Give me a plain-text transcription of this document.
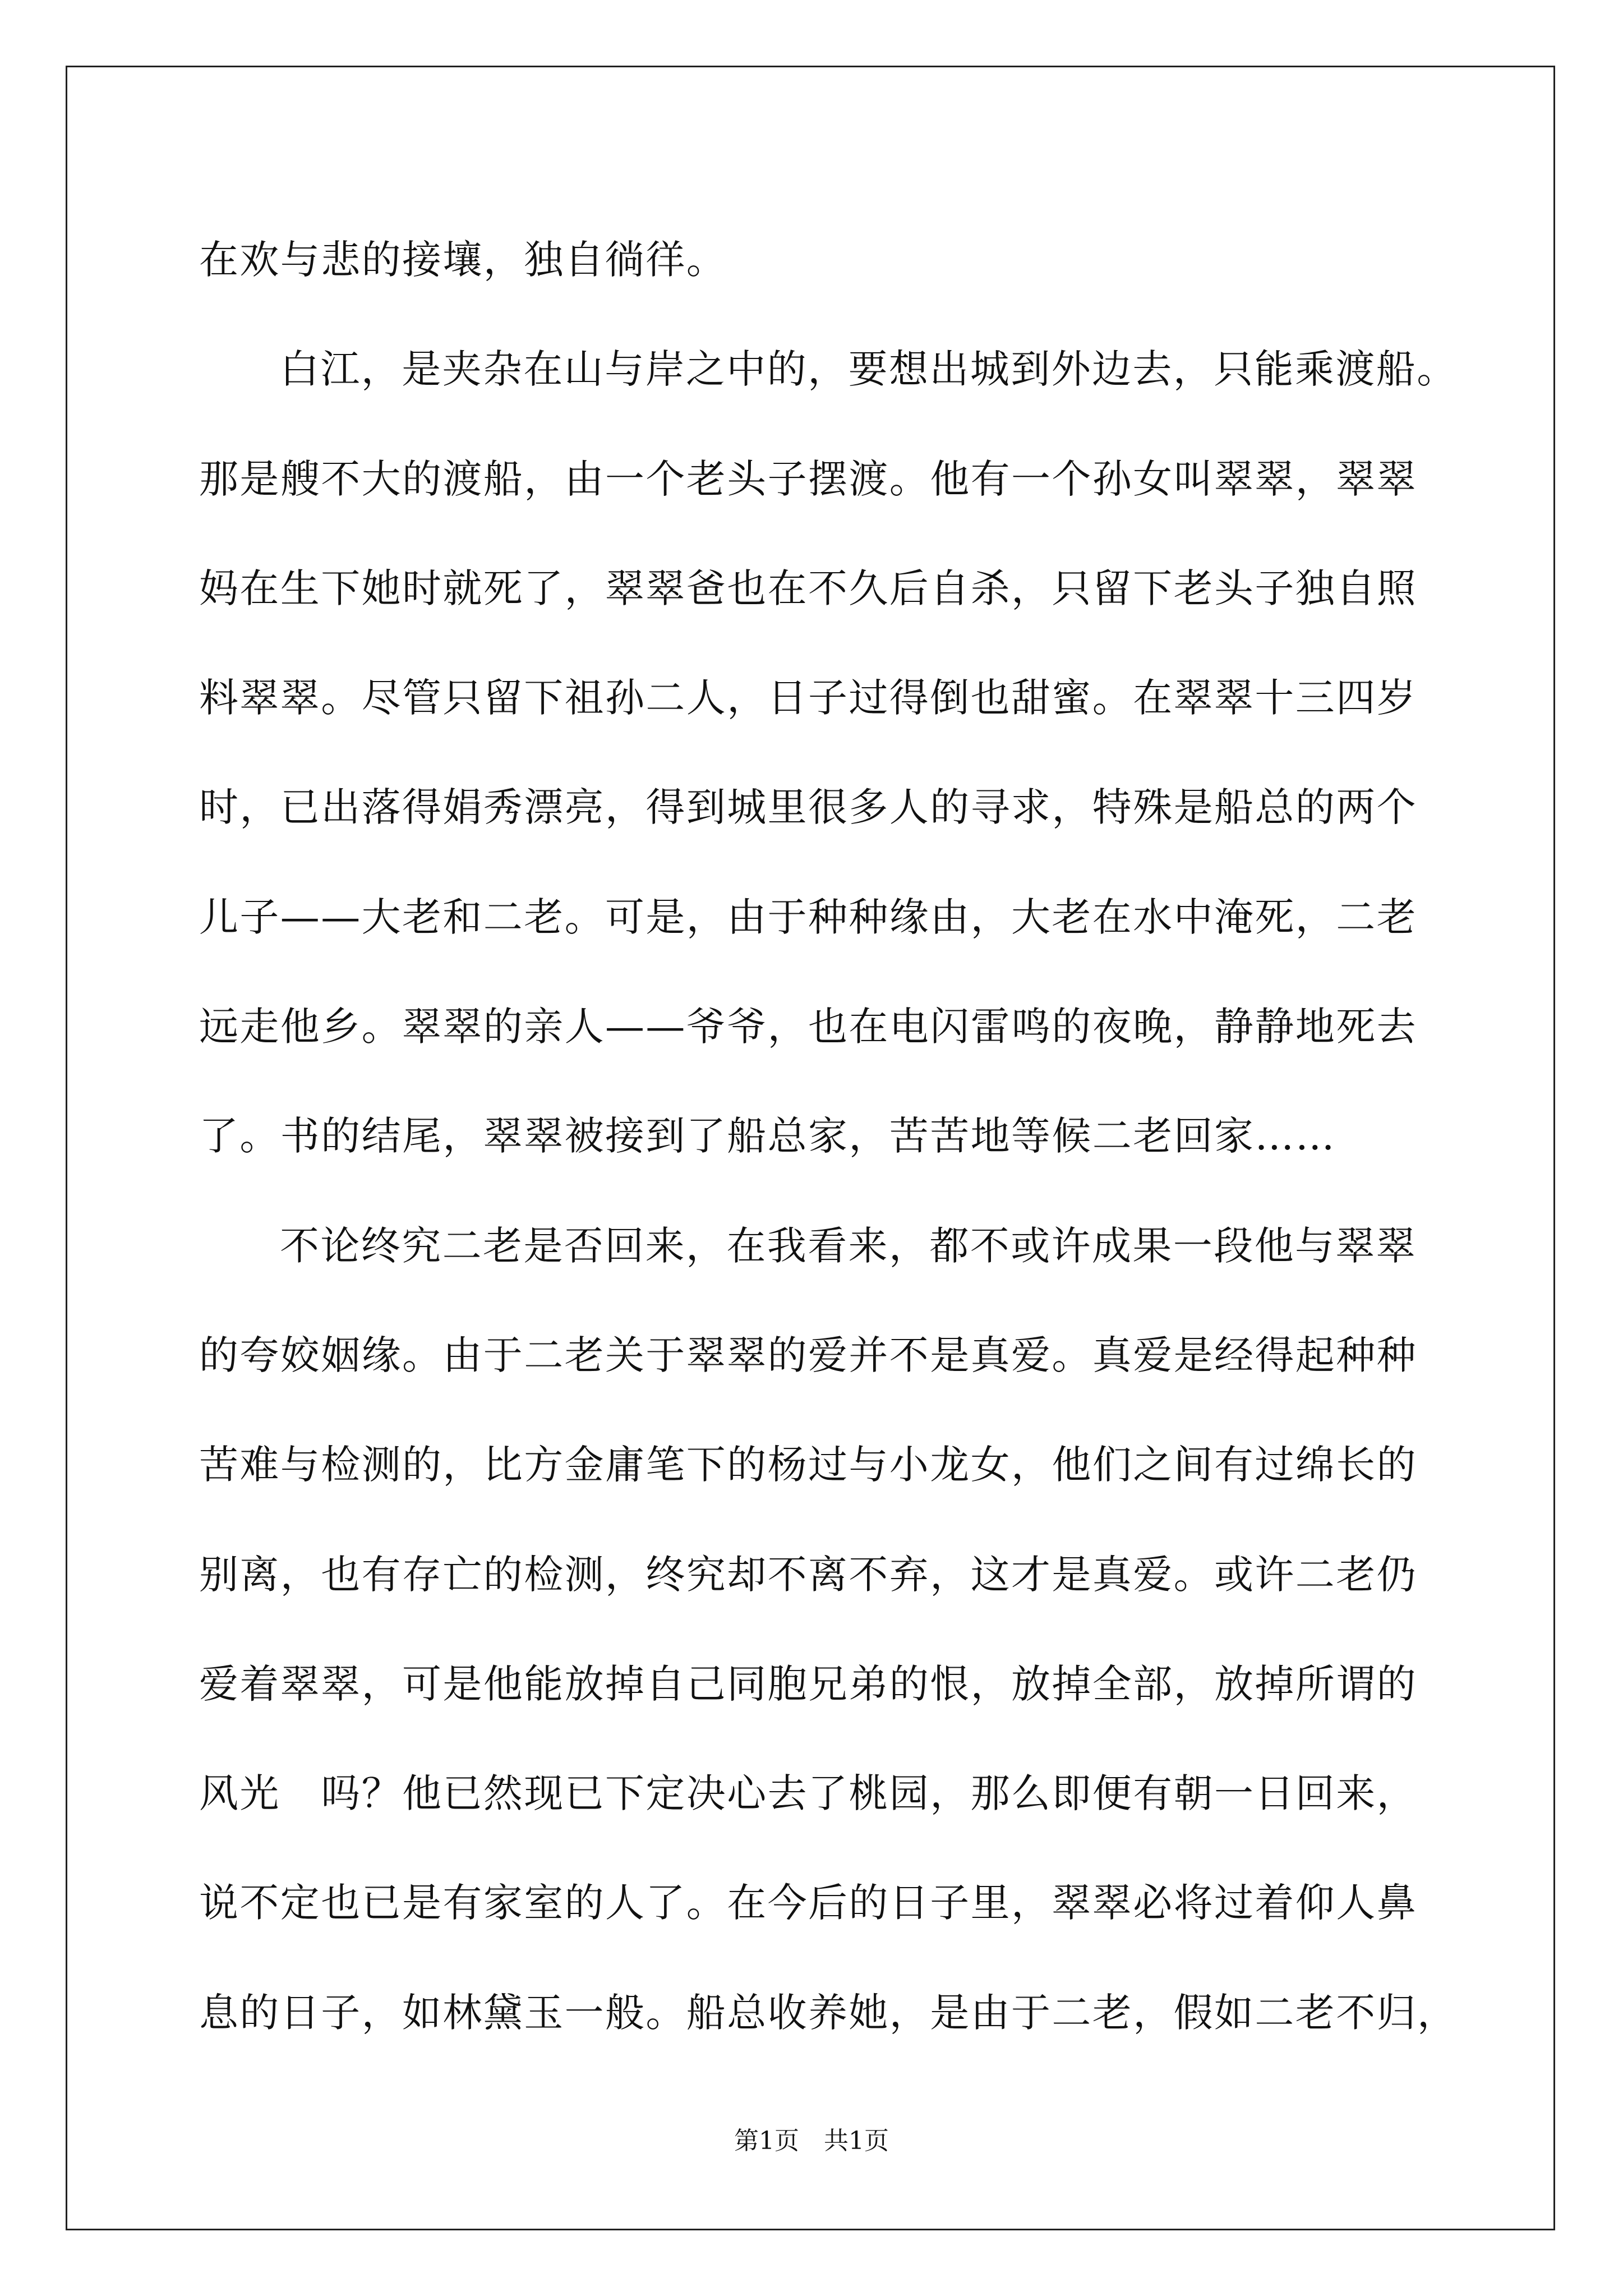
在欢与悲的接壤，独自徜徉。
白江，是夹杂在山与岸之中的，要想出城到外边去，只能乘渡船。
那是艘不大的渡船，由一个老头子摆渡。他有一个孙女叫翠翠，翠翠
妈在生下她时就死了，翠翠爸也在不久后自杀，只留下老头子独自照
料翠翠。尽管只留下祖孙二人，日子过得倒也甜蜜。在翠翠十三四岁
时，已出落得娟秀漂亮，得到城里很多人的寻求，特殊是船总的两个
儿子——大老和二老。可是，由于种种缘由，大老在水中淹死，二老
远走他乡。翠翠的亲人——爷爷，也在电闪雷鸣的夜晚，静静地死去
了。书的结尾，翠翠被接到了船总家，苦苦地等候二老回家……
不论终究二老是否回来，在我看来，都不或许成果一段他与翠翠
的夸姣姻缘。由于二老关于翠翠的爱并不是真爱。真爱是经得起种种
苦难与检测的，比方金庸笔下的杨过与小龙女，他们之间有过绵长的
别离，也有存亡的检测，终究却不离不弃，这才是真爱。或许二老仍
爱着翠翠，可是他能放掉自己同胞兄弟的恨，放掉全部，放掉所谓的
风光　吗？他已然现已下定决心去了桃园，那么即便有朝一日回来，
说不定也已是有家室的人了。在今后的日子里，翠翠必将过着仰人鼻
息的日子，如林黛玉一般。船总收养她，是由于二老，假如二老不归，
第1页　共1页
